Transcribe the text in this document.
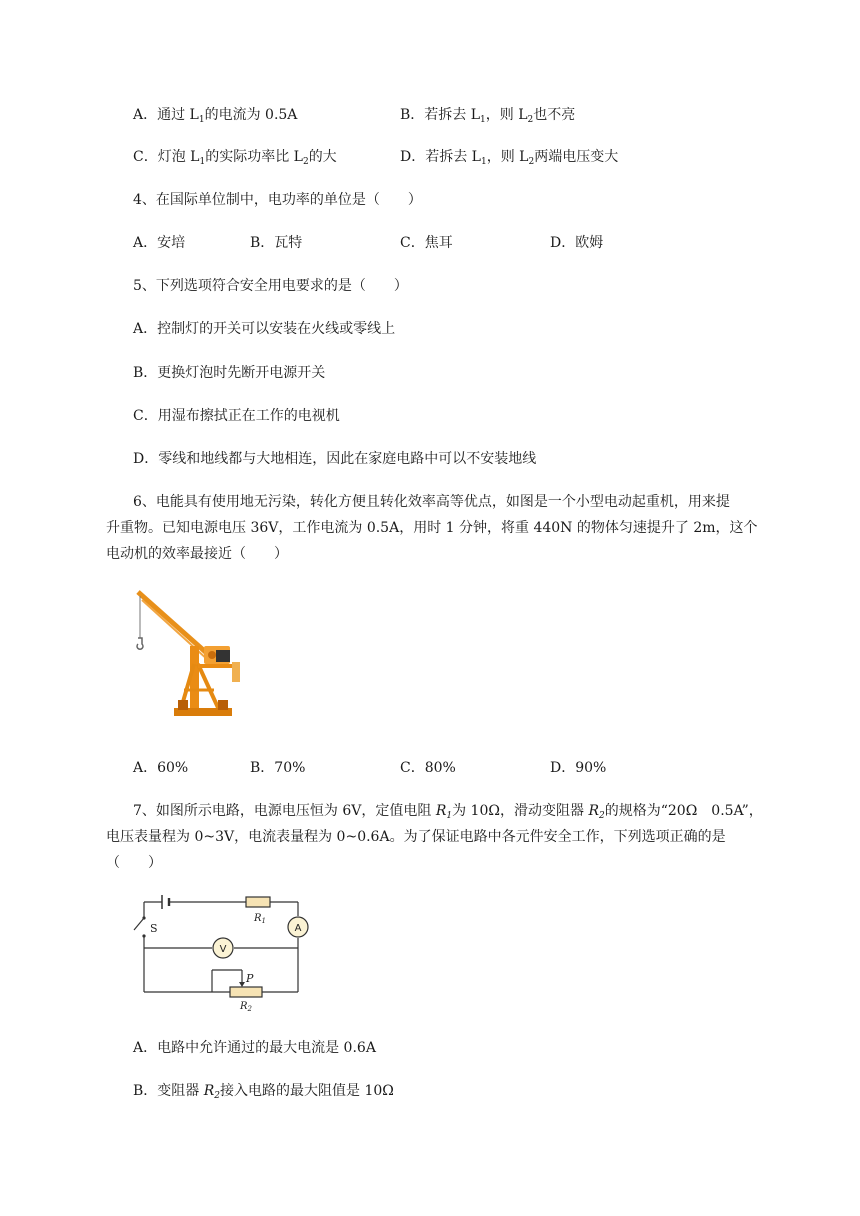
A．通过 $L_1$的电流为 0.5A	B．若拆去 $L_1$，则 $L_2$也不亮
C．灯泡 $L_1$的实际功率比 $L_2$的大	D．若拆去 $L_1$，则 $L_2$两端电压变大
4、在国际单位制中，电功率的单位是（　　）
A．安培	B．瓦特	C．焦耳	D．欧姆
5、下列选项符合安全用电要求的是（　　）
A．控制灯的开关可以安装在火线或零线上
B．更换灯泡时先断开电源开关
C．用湿布擦拭正在工作的电视机
D．零线和地线都与大地相连，因此在家庭电路中可以不安装地线
6、电能具有使用地无污染，转化方便且转化效率高等优点，如图是一个小型电动起重机，用来提
升重物。已知电源电压 36V，工作电流为 0.5A，用时 1 分钟，将重 440N 的物体匀速提升了 2m，这个
电动机的效率最接近（　　）
A．60%	B．70%	C．80%	D．90%
7、如图所示电路，电源电压恒为 6V，定值电阻 $R_1$为 10Ω，滑动变阻器 $R_2$的规格为“20Ω　0.5A”，
电压表量程为 0~3V，电流表量程为 0~0.6A。为了保证电路中各元件安全工作，下列选项正确的是
（　　）
S
V
A
P
$R_1$
$R_2$
A．电路中允许通过的最大电流是 0.6A
B．变阻器 $R_2$接入电路的最大阻值是 10Ω
